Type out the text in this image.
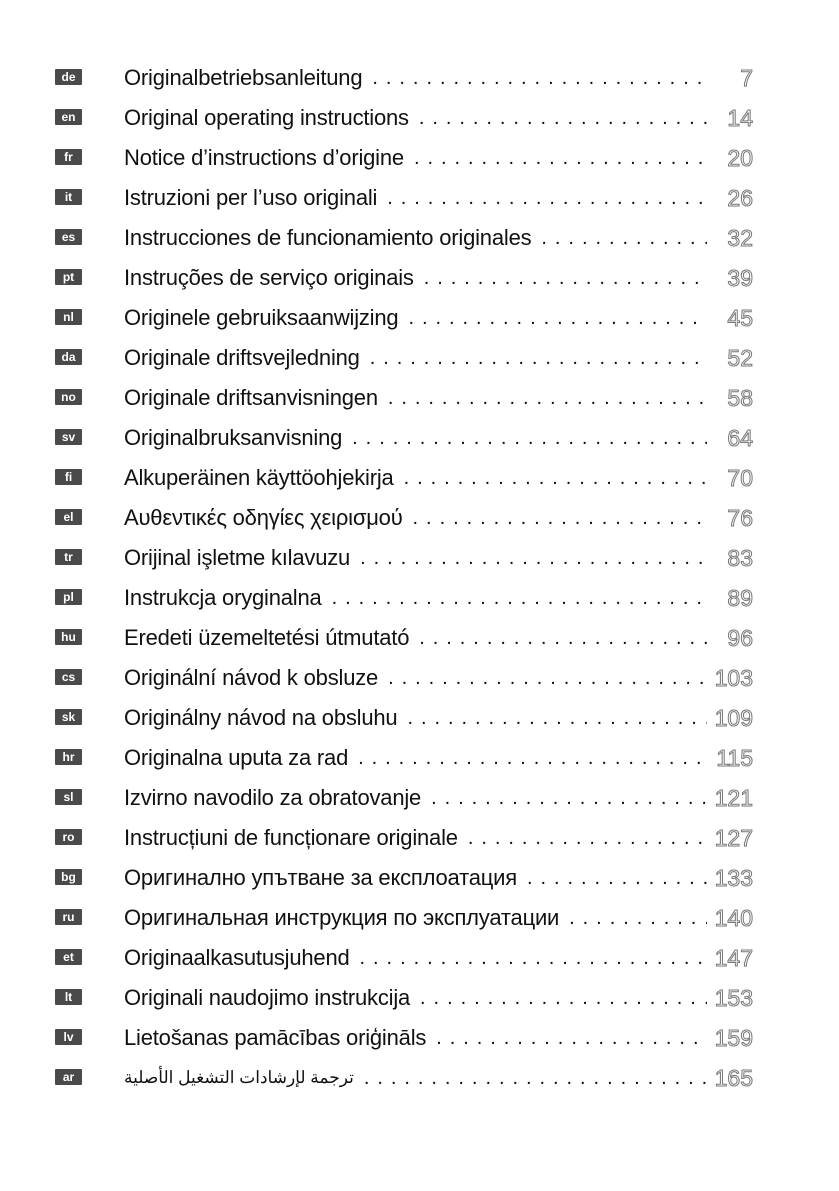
de Originalbetriebsanleitung . . .	7
en Original operating instructions . . .	14
fr	Notice d’instructions d’origine . . .	20
it	Istruzioni per l’uso originali . . .	26
es	Instrucciones de funcionamiento originales . . .	32
pt	Instruções de serviço originais . . .	39
nl	Originele gebruiksaanwijzing . . .	45
da Originale driftsvejledning . . .	52
no Originale driftsanvisningen . . .	58
sv	Originalbruksanvisning . . .	64
fi	Alkuperäinen käyttöohjekirja . . .	70
el	Αυθεντικές οδηγίες χειρισμού . . .	76
tr	Orijinal işletme kılavuzu . . .	83
pl	Instrukcja oryginalna . . .	89
hu Eredeti üzemeltetési útmutató . . .	96
cs	Originální návod k obsluze . . .	103
sk	Originálny návod na obsluhu . . .	109
hr	Originalna uputa za rad . . .	115
sl	Izvirno navodilo za obratovanje . . .	121
ro	Instrucțiuni de funcționare originale . . .	127
bg Оригинално упътване за експлоатация . . .	133
ru	Оригинальная инструкция по эксплуатации . . .	140
et	Originaalkasutusjuhend . . .	147
lt	Originali naudojimo instrukcija . . .	153
lv	Lietošanas pamācības oriģināls . . .	159
ar	ترجمة لإرشادات التشغيل الأصلية . . .	165
